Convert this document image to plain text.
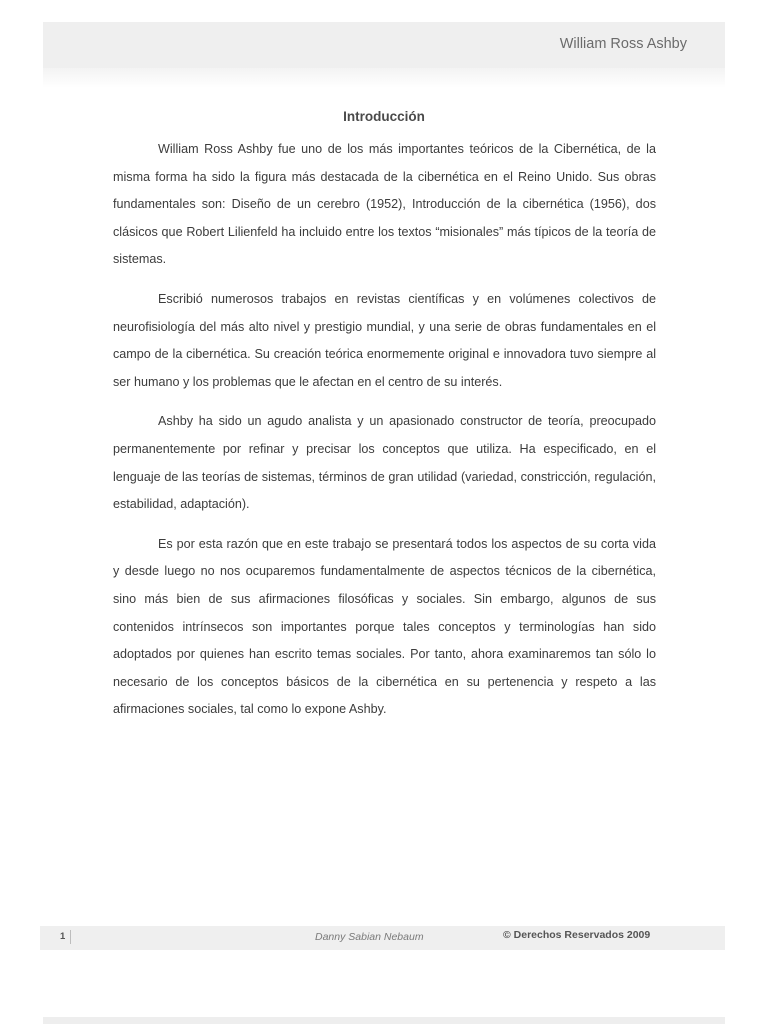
William Ross Ashby
Introducción

William Ross Ashby fue uno de los más importantes teóricos de la Cibernética, de la misma forma ha sido la figura más destacada de la cibernética en el Reino Unido. Sus obras fundamentales son: Diseño de un cerebro (1952), Introducción de la cibernética (1956), dos clásicos que Robert Lilienfeld ha incluido entre los textos “misionales” más típicos de la teoría de sistemas.

Escribió numerosos trabajos en revistas científicas y en volúmenes colectivos de neurofisiología del más alto nivel y prestigio mundial, y una serie de obras fundamentales en el campo de la cibernética. Su creación teórica enormemente original e innovadora tuvo siempre al ser humano y los problemas que le afectan en el centro de su interés.

Ashby ha sido un agudo analista y un apasionado constructor de teoría, preocupado permanentemente por refinar y precisar los conceptos que utiliza. Ha especificado, en el lenguaje de las teorías de sistemas, términos de gran utilidad (variedad, constricción, regulación, estabilidad, adaptación).

Es por esta razón que en este trabajo se presentará todos los aspectos de su corta vida y desde luego no nos ocuparemos fundamentalmente de aspectos técnicos de la cibernética, sino más bien de sus afirmaciones filosóficas y sociales. Sin embargo, algunos de sus contenidos intrínsecos son importantes porque tales conceptos y terminologías han sido adoptados por quienes han escrito temas sociales. Por tanto, ahora examinaremos tan sólo lo necesario de los conceptos básicos de la cibernética en su pertenencia y respeto a las afirmaciones sociales, tal como lo expone Ashby.

1	Danny Sabian Nebaum	© Derechos Reservados 2009
